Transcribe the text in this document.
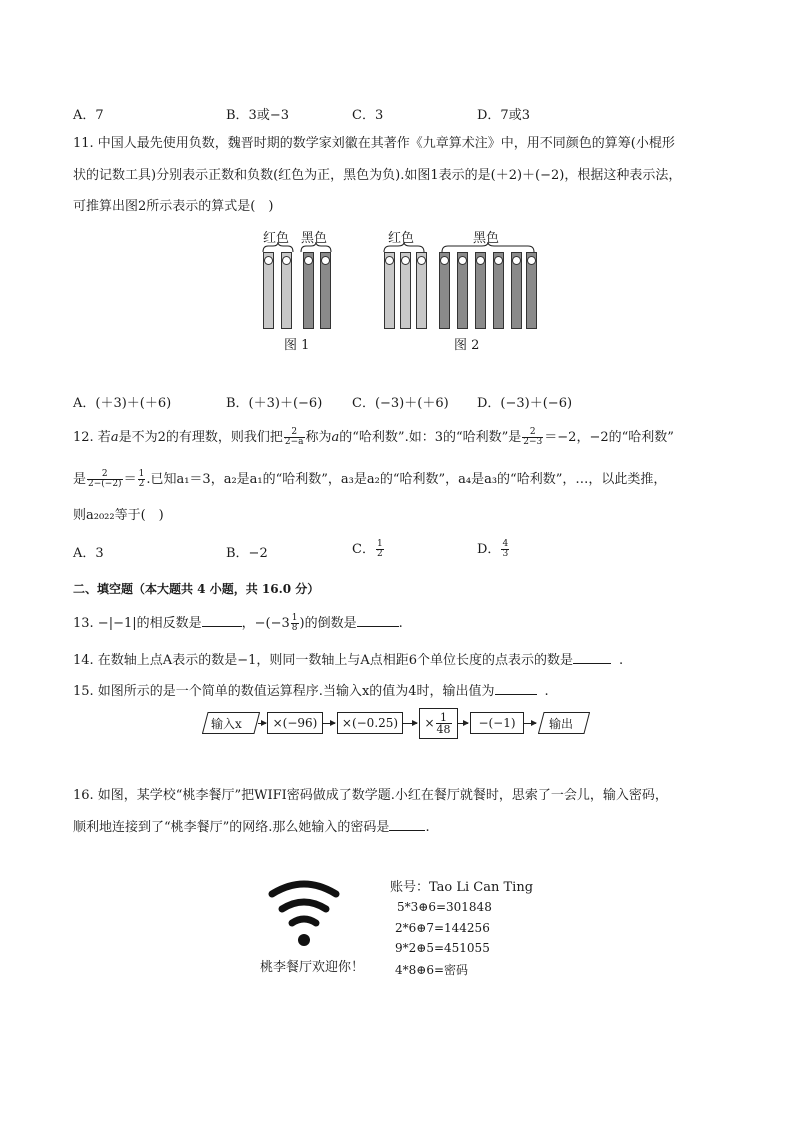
A．7	B．3或−3	C．3	D．7或3
11. 中国人最先使用负数，魏晋时期的数学家刘徽在其著作《九章算术注》中，用不同颜色的算筹(小棍形
状的记数工具)分别表示正数和负数(红色为正，黑色为负).如图1表示的是(＋2)＋(−2)，根据这种表示法，
可推算出图2所示表示的算式是(　)
红色 黑色
图 1
红色	黑色
图 2
A．(＋3)＋(＋6)	B．(＋3)＋(−6) C．(−3)＋(＋6) D．(−3)＋(−6)
12. 若a是不为2的有理数，则我们把 $\frac{2}{2-a}$ 称为a的“哈利数”.如：3的“哈利数”是 $\frac{2}{2-3} =-2$，−2的“哈利数”
是 $\frac{2}{2-(-2)} = \frac{1}{2}$ .已知a₁＝3，a₂是a₁的“哈利数”，a₃是a₂的“哈利数”，a₄是a₃的“哈利数”，…，以此类推，
则a₂₀₂₂等于(　)
A．3	B．−2	C． $\frac{1}{2}$	D． $\frac{4}{3}$
二、填空题（本大题共 4 小题，共 16.0 分）
13. −|−1|的相反数是	，$-(-3 \frac{1}{8}$ )的倒数是	.
14. 在数轴上点A表示的数是−1，则同一数轴上与A点相距6个单位长度的点表示的数是	.
15. 如图所示的是一个简单的数值运算程序.当输入x的值为4时，输出值为	.
输入x	×(−96)	×(−0.25)	× $\frac{1}{48}$	−(−1)	输出
16. 如图，某学校“桃李餐厅”把WIFI密码做成了数学题.小红在餐厅就餐时，思索了一会儿，输入密码，
顺利地连接到了“桃李餐厅”的网络.那么她输入的密码是	.
桃李餐厅欢迎你！
账号：Tao Li Can Ting
5*3⊕6=301848
2*6⊕7=144256
9*2⊕5=451055
4*8⊕6=密码
